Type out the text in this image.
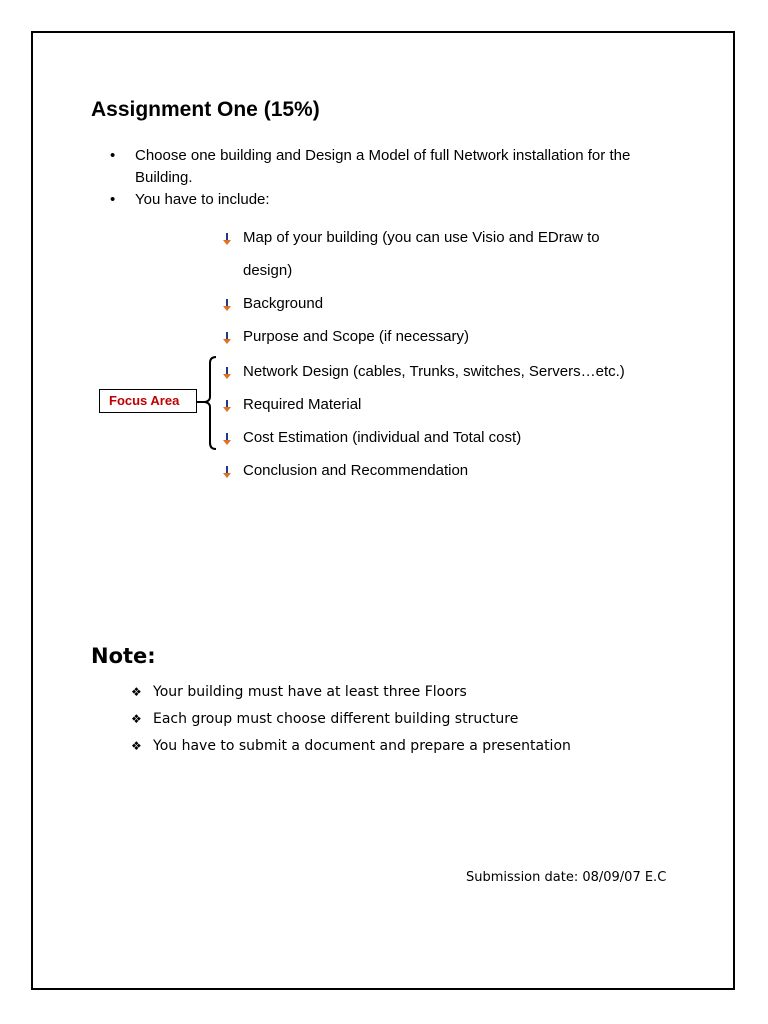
Assignment One (15%)
• Choose one building and Design a Model of full Network installation for the Building.
• You have to include:
Map of your building (you can use Visio and EDraw to
design)
Background
Purpose and Scope (if necessary)
Network Design (cables, Trunks, switches, Servers…etc.)
Required Material
Cost Estimation (individual and Total cost)
Conclusion and Recommendation
Focus Area
Note:
❖ Your building must have at least three Floors
❖ Each group must choose different building structure
❖ You have to submit a document and prepare a presentation
Submission date: 08/09/07 E.C
